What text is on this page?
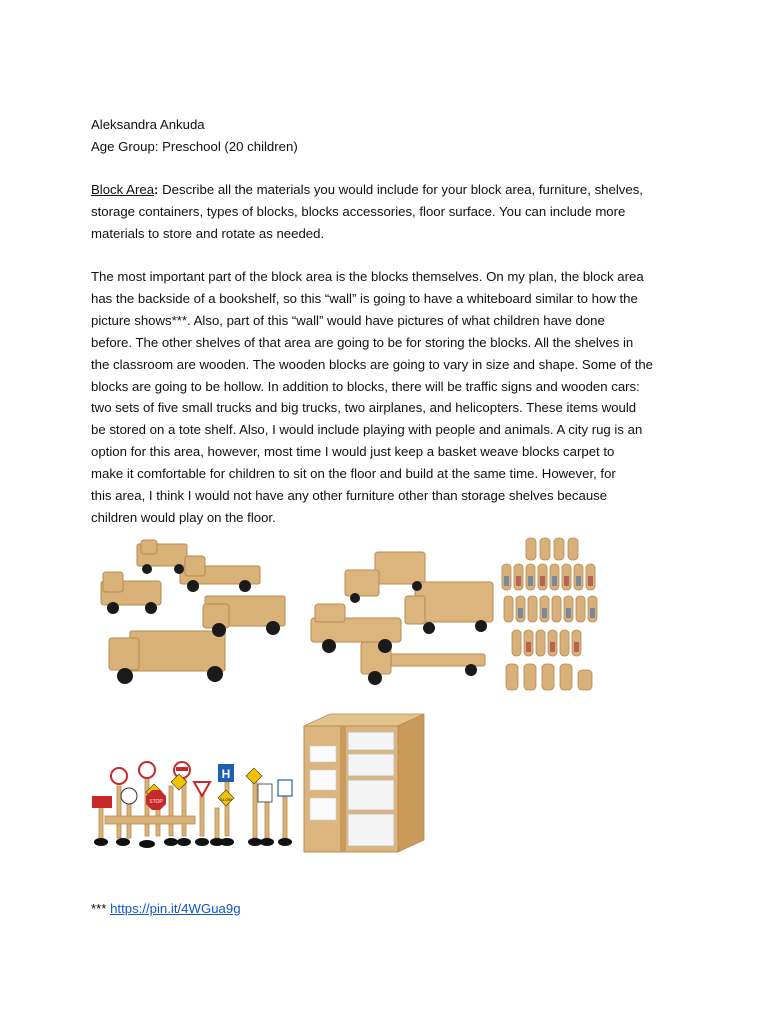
Aleksandra Ankuda
Age Group: Preschool (20 children)
Block Area: Describe all the materials you would include for your block area, furniture, shelves,
storage containers, types of blocks, blocks accessories, floor surface. You can include more
materials to store and rotate as needed.
The most important part of the block area is the blocks themselves. On my plan, the block area
has the backside of a bookshelf, so this “wall” is going to have a whiteboard similar to how the
picture shows***. Also, part of this “wall” would have pictures of what children have done
before. The other shelves of that area are going to be for storing the blocks. All the shelves in
the classroom are wooden. The wooden blocks are going to vary in size and shape. Some of the
blocks are going to be hollow. In addition to blocks, there will be traffic signs and wooden cars:
two sets of five small trucks and big trucks, two airplanes, and helicopters. These items would
be stored on a tote shelf. Also, I would include playing with people and animals. A city rug is an
option for this area, however, most time I would just keep a basket weave blocks carpet to
make it comfortable for children to sit on the floor and build at the same time. However, for
this area, I think I would not have any other furniture other than storage shelves because
children would play on the floor.
STOP	SLOW
H
*** https://pin.it/4WGua9g
